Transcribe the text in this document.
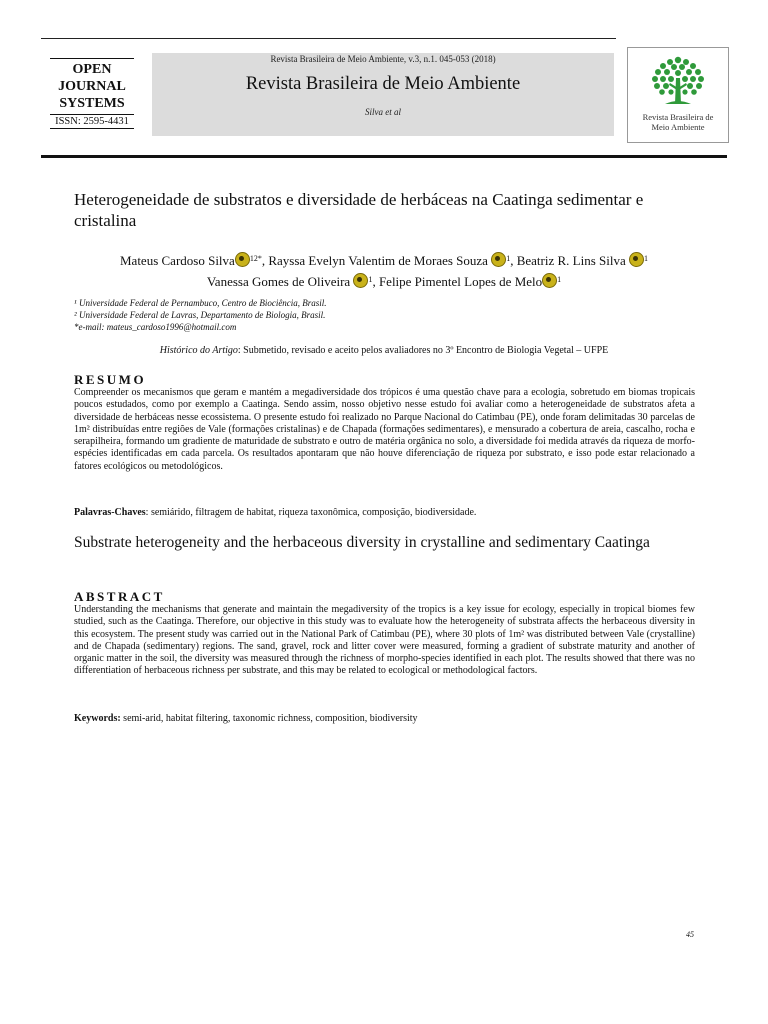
OPEN
JOURNAL
SYSTEMS
ISSN: 2595-4431
Revista Brasileira de Meio Ambiente, v.3, n.1. 045-053 (2018)
Revista Brasileira de Meio Ambiente
Silva et al	Revista Brasileira de
Meio Ambiente
Heterogeneidade de substratos e diversidade de herbáceas na Caatinga sedimentar e cristalina
Mateus Cardoso Silva $^{12*}$, Rayssa Evelyn Valentim de Moraes Souza $^1$, Beatriz R. Lins Silva $^1$
Vanessa Gomes de Oliveira $^1$, Felipe Pimentel Lopes de Melo $^1$
¹ Universidade Federal de Pernambuco, Centro de Biociência, Brasil.
² Universidade Federal de Lavras, Departamento de Biologia, Brasil.
*e-mail: mateus_cardoso1996@hotmail.com
Histórico do Artigo: Submetido, revisado e aceito pelos avaliadores no 3º Encontro de Biologia Vegetal – UFPE
RESUMO
Compreender os mecanismos que geram e mantém a megadiversidade dos trópicos é uma questão chave para a ecologia, sobretudo em biomas tropicais poucos estudados, como por exemplo a Caatinga. Sendo assim, nosso objetivo nesse estudo foi avaliar como a heterogeneidade de substratos afeta a diversidade de herbáceas nesse ecossistema. O presente estudo foi realizado no Parque Nacional do Catimbau (PE), onde foram delimitadas 30 parcelas de 1m² distribuídas entre regiões de Vale (formações cristalinas) e de Chapada (formações sedimentares), e mensurado a cobertura de areia, cascalho, rocha e serapilheira, formando um gradiente de maturidade de substrato e outro de matéria orgânica no solo, a diversidade foi medida através da riqueza de morfo-espécies identificadas em cada parcela. Os resultados apontaram que não houve diferenciação de riqueza por substrato, e isso pode estar relacionado a fatores ecológicos ou metodológicos.
Palavras-Chaves: semiárido, filtragem de habitat, riqueza taxonômica, composição, biodiversidade.
Substrate heterogeneity and the herbaceous diversity in crystalline and sedimentary Caatinga
ABSTRACT
Understanding the mechanisms that generate and maintain the megadiversity of the tropics is a key issue for ecology, especially in tropical biomes few studied, such as the Caatinga. Therefore, our objective in this study was to evaluate how the heterogeneity of substrata affects the herbaceous diversity in this ecosystem. The present study was carried out in the National Park of Catimbau (PE), where 30 plots of 1m² was distributed between Vale (crystalline) and de Chapada (sedimentary) regions. The sand, gravel, rock and litter cover were measured, forming a gradient of substrate maturity and another of organic matter in the soil, the diversity was measured through the richness of morpho-species identified in each plot. The results showed that there was no differentiation of herbaceous richness per substrate, and this may be related to ecological or methodological factors.
Keywords: semi-arid, habitat filtering, taxonomic richness, composition, biodiversity
45
